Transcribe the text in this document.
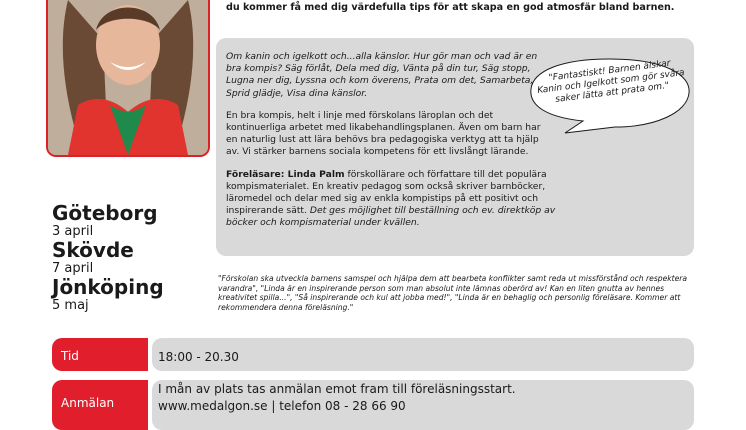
du kommer få med dig värdefulla tips för att skapa en god atmosfär bland barnen.

Om kanin och igelkott och...alla känslor. Hur gör man och vad är en bra kompis? Säg förlåt, Dela med dig, Vänta på din tur, Säg stopp, Lugna ner dig, Lyssna och kom överens, Prata om det, Samarbeta, Sprid glädje, Visa dina känslor.

En bra kompis, helt i linje med förskolans läroplan och det kontinuerliga arbetet med likabehandlingsplanen. Även om barn har en naturlig lust att lära behövs bra pedagogiska verktyg att ta hjälp av. Vi stärker barnens sociala kompetens för ett livslångt lärande.

Föreläsare: Linda Palm förskollärare och författare till det populära kompismaterialet. En kreativ pedagog som också skriver barnböcker, läromedel och delar med sig av enkla kompistips på ett positivt och inspirerande sätt. Det ges möjlighet till beställning och ev. direktköp av böcker och kompismaterial under kvällen.

"Fantastiskt! Barnen älskar Kanin och Igelkott som gör svåra saker lätta att prata om."

Göteborg

3 april

Skövde

7 april

Jönköping

5 maj

"Förskolan ska utveckla barnens samspel och hjälpa dem att bearbeta konflikter samt reda ut missförstånd och respektera varandra", "Linda är en inspirerande person som man absolut inte lämnas oberörd av! Kan en liten gnutta av hennes kreativitet spilla...", "Så inspirerande och kul att jobba med!", "Linda är en behaglig och personlig föreläsare. Kommer att rekommendera denna föreläsning."
Tid	18:00 - 20.30
Anmälan
I mån av plats tas anmälan emot fram till föreläsningsstart.
www.medalgon.se | telefon 08 - 28 66 90
